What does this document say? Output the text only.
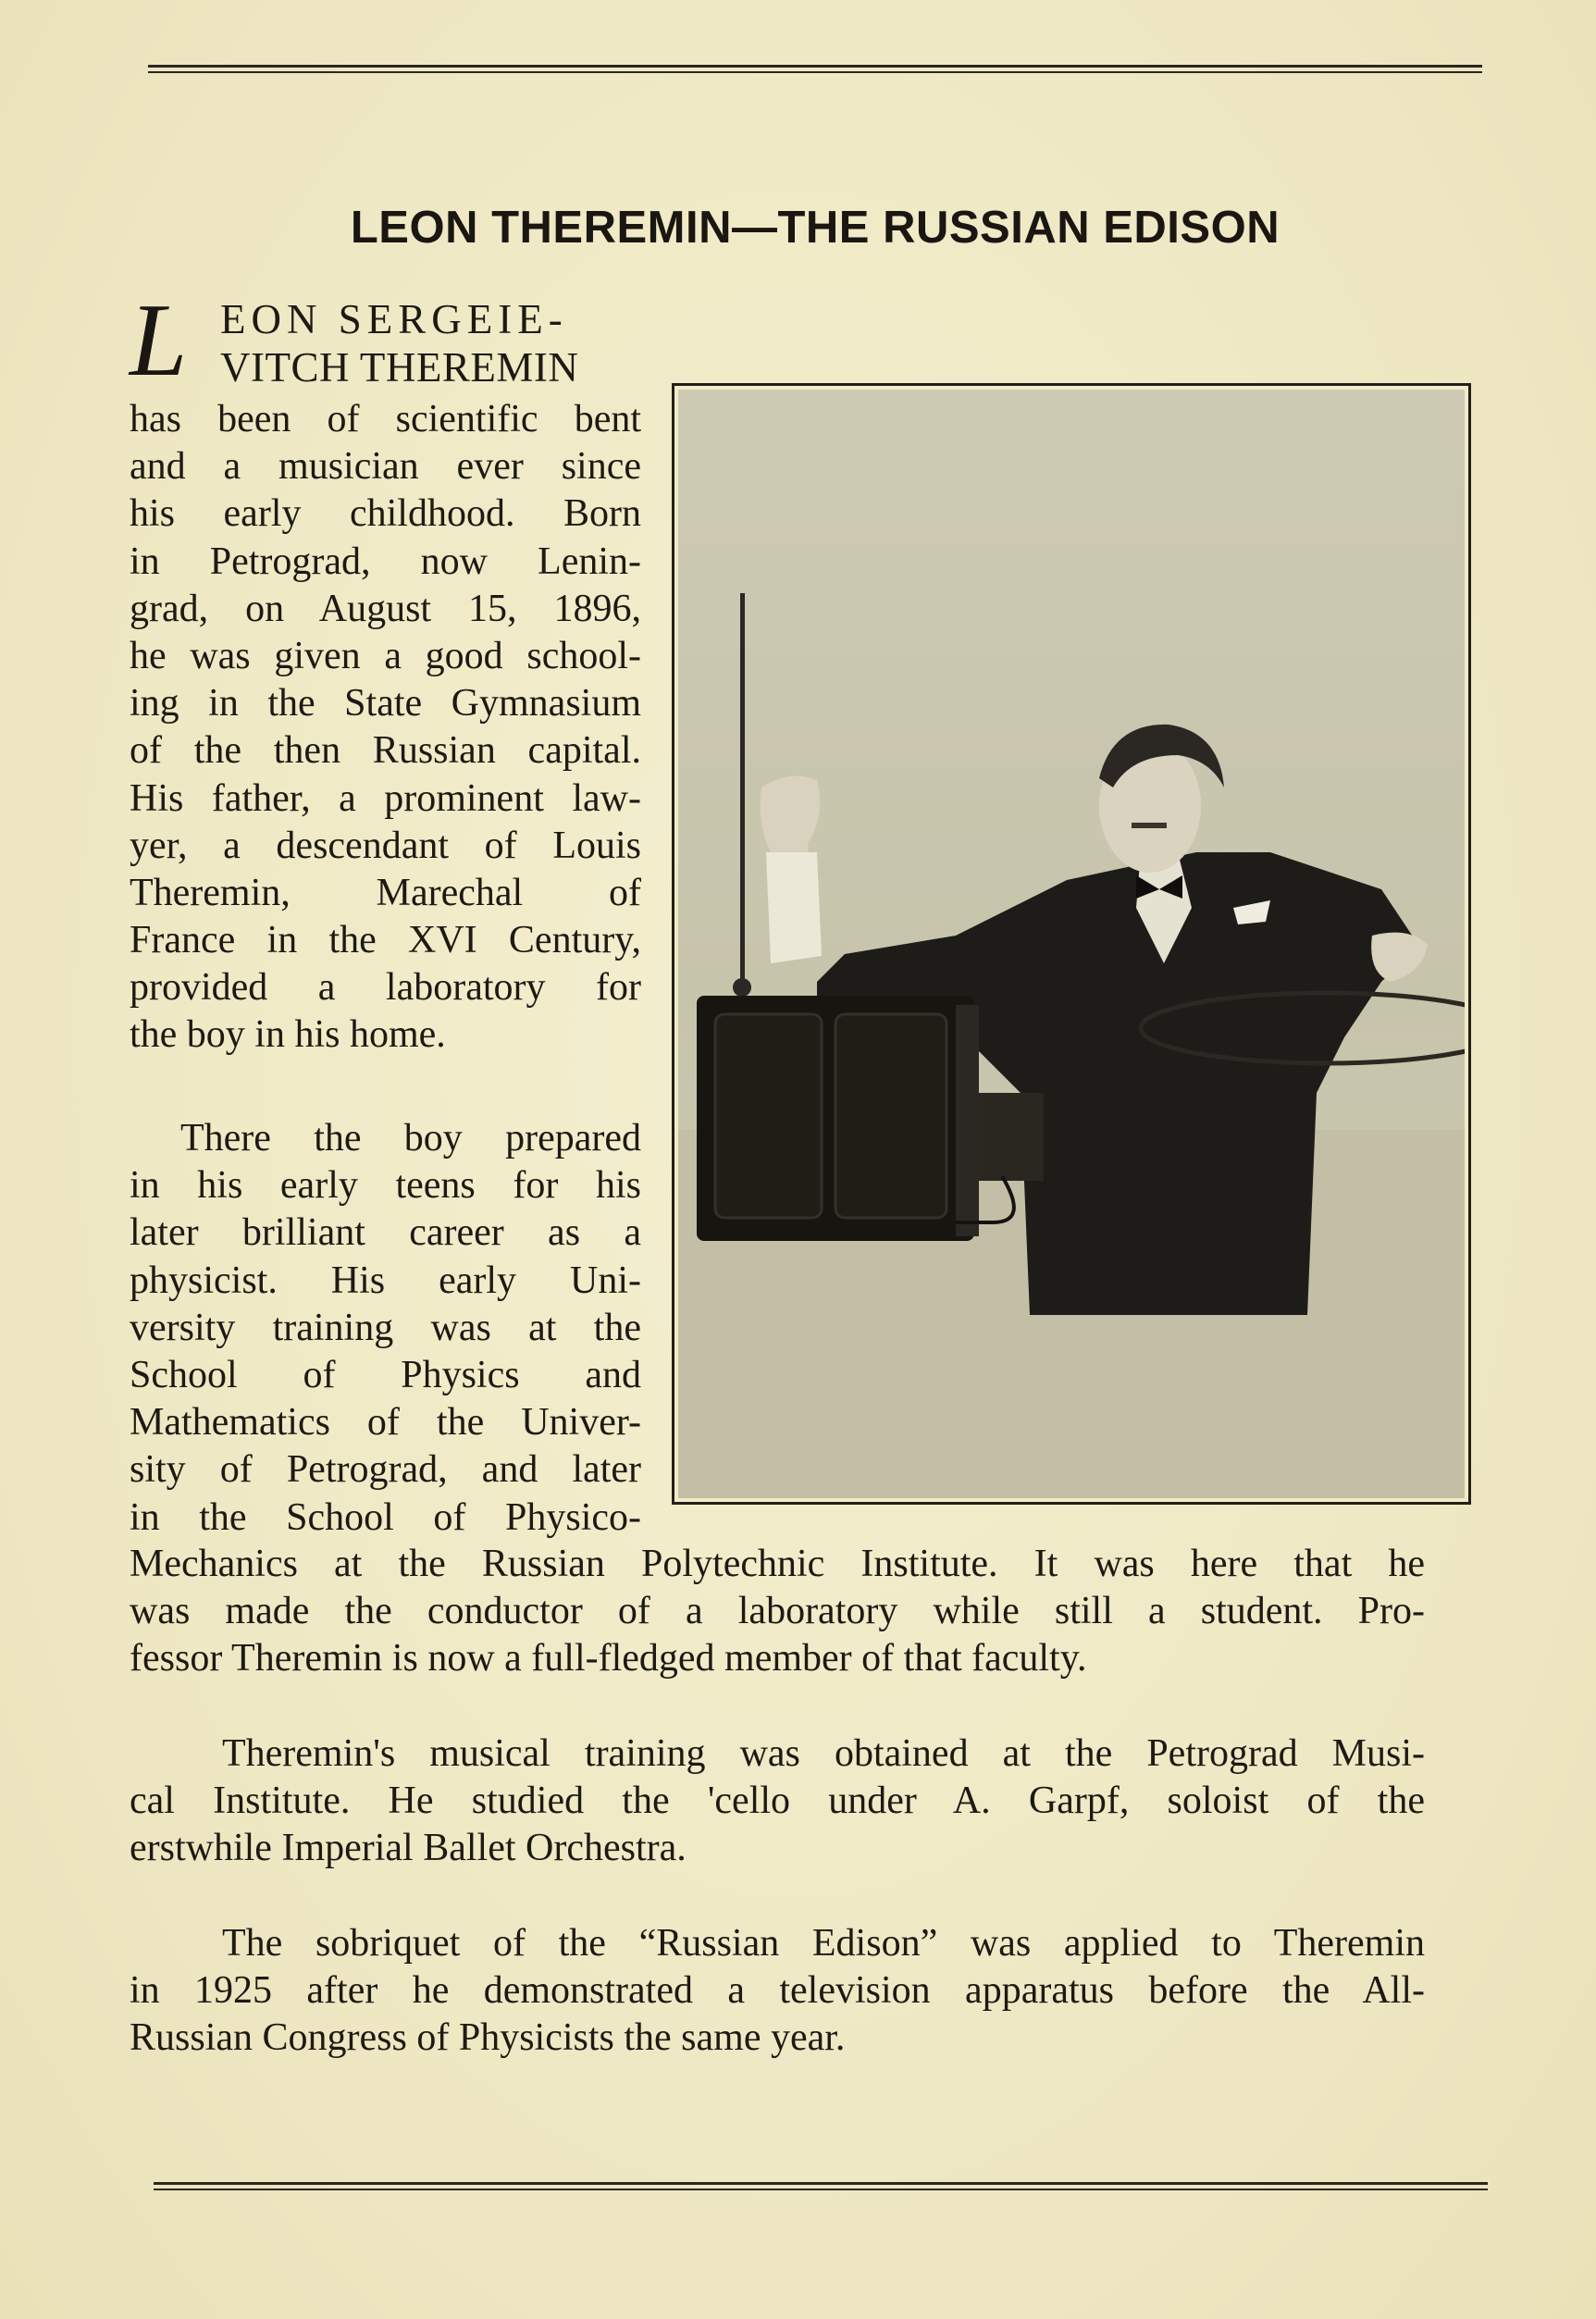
LEON THEREMIN—THE RUSSIAN EDISON
L EON SERGEIE-
VITCH THEREMIN
has been of scientific bent
and a musician ever since
his early childhood. Born
in Petrograd, now Lenin-
grad, on August 15, 1896,
he was given a good school-
ing in the State Gymnasium
of the then Russian capital.
His father, a prominent law-
yer, a descendant of Louis
Theremin, Marechal of
France in the XVI Century,
provided a laboratory for
the boy in his home.
There the boy prepared
in his early teens for his
later brilliant career as a
physicist. His early Uni-
versity training was at the
School of Physics and
Mathematics of the Univer-
sity of Petrograd, and later
in the School of Physico-
Mechanics at the Russian Polytechnic Institute. It was here that he
was made the conductor of a laboratory while still a student. Pro-
fessor Theremin is now a full-fledged member of that faculty.
Theremin's musical training was obtained at the Petrograd Musi-
cal Institute. He studied the 'cello under A. Garpf, soloist of the
erstwhile Imperial Ballet Orchestra.
The sobriquet of the “Russian Edison” was applied to Theremin
in 1925 after he demonstrated a television apparatus before the All-
Russian Congress of Physicists the same year.
